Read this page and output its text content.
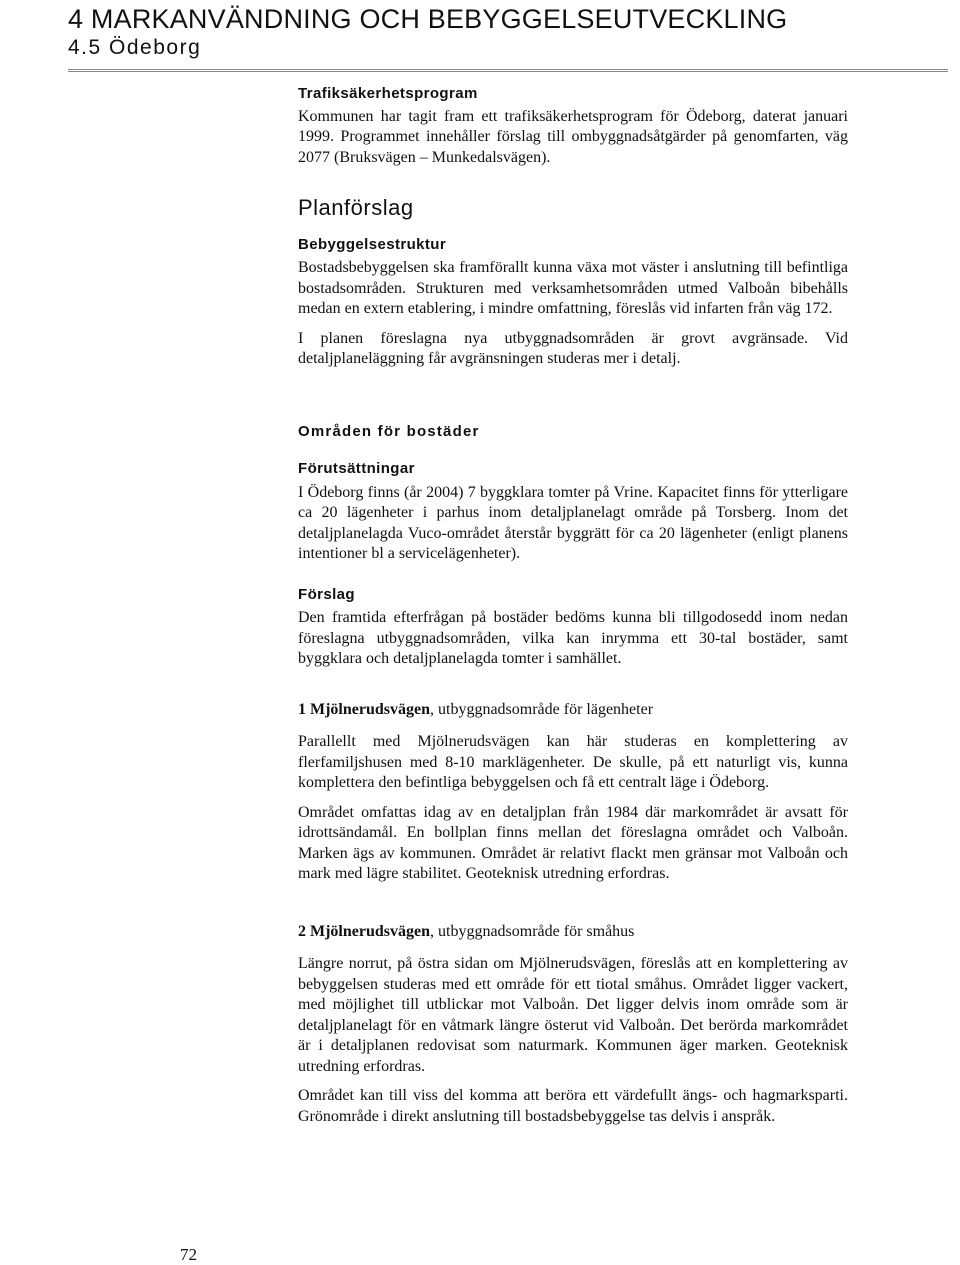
4 MARKANVÄNDNING OCH BEBYGGELSEUTVECKLING
4.5 Ödeborg
Trafiksäkerhetsprogram

Kommunen har tagit fram ett trafiksäkerhetsprogram för Ödeborg, daterat januari 1999. Programmet innehåller förslag till ombyggnadsåtgärder på genomfarten, väg 2077 (Bruksvägen – Munkedalsvägen).

Planförslag
Bebyggelsestruktur

Bostadsbebyggelsen ska framförallt kunna växa mot väster i anslutning till befintliga bostadsområden. Strukturen med verksamhetsområden utmed Valboån bibehålls medan en extern etablering, i mindre omfattning, föreslås vid infarten från väg 172.

I planen föreslagna nya utbyggnadsområden är grovt avgränsade. Vid detaljplaneläggning får avgränsningen studeras mer i detalj.

Områden för bostäder
Förutsättningar

I Ödeborg finns (år 2004) 7 byggklara tomter på Vrine. Kapacitet finns för ytterligare ca 20 lägenheter i parhus inom detaljplanelagt område på Torsberg. Inom det detaljplanelagda Vuco-området återstår byggrätt för ca 20 lägenheter (enligt planens intentioner bl a servicelägenheter).

Förslag

Den framtida efterfrågan på bostäder bedöms kunna bli tillgodosedd inom nedan föreslagna utbyggnadsområden, vilka kan inrymma ett 30-tal bostäder, samt byggklara och detaljplanelagda tomter i samhället.

1 Mjölnerudsvägen, utbyggnadsområde för lägenheter

Parallellt med Mjölnerudsvägen kan här studeras en komplettering av flerfamiljshusen med 8-10 marklägenheter. De skulle, på ett naturligt vis, kunna komplettera den befintliga bebyggelsen och få ett centralt läge i Ödeborg.

Området omfattas idag av en detaljplan från 1984 där markområdet är avsatt för idrottsändamål. En bollplan finns mellan det föreslagna området och Valboån. Marken ägs av kommunen. Området är relativt flackt men gränsar mot Valboån och mark med lägre stabilitet. Geoteknisk utredning erfordras.

2 Mjölnerudsvägen, utbyggnadsområde för småhus

Längre norrut, på östra sidan om Mjölnerudsvägen, föreslås att en komplettering av bebyggelsen studeras med ett område för ett tiotal småhus. Området ligger vackert, med möjlighet till utblickar mot Valboån. Det ligger delvis inom område som är detaljplanelagt för en våtmark längre österut vid Valboån. Det berörda markområdet är i detaljplanen redovisat som naturmark. Kommunen äger marken. Geoteknisk utredning erfordras.

Området kan till viss del komma att beröra ett värdefullt ängs- och hagmarksparti. Grönområde i direkt anslutning till bostadsbebyggelse tas delvis i anspråk.

72
